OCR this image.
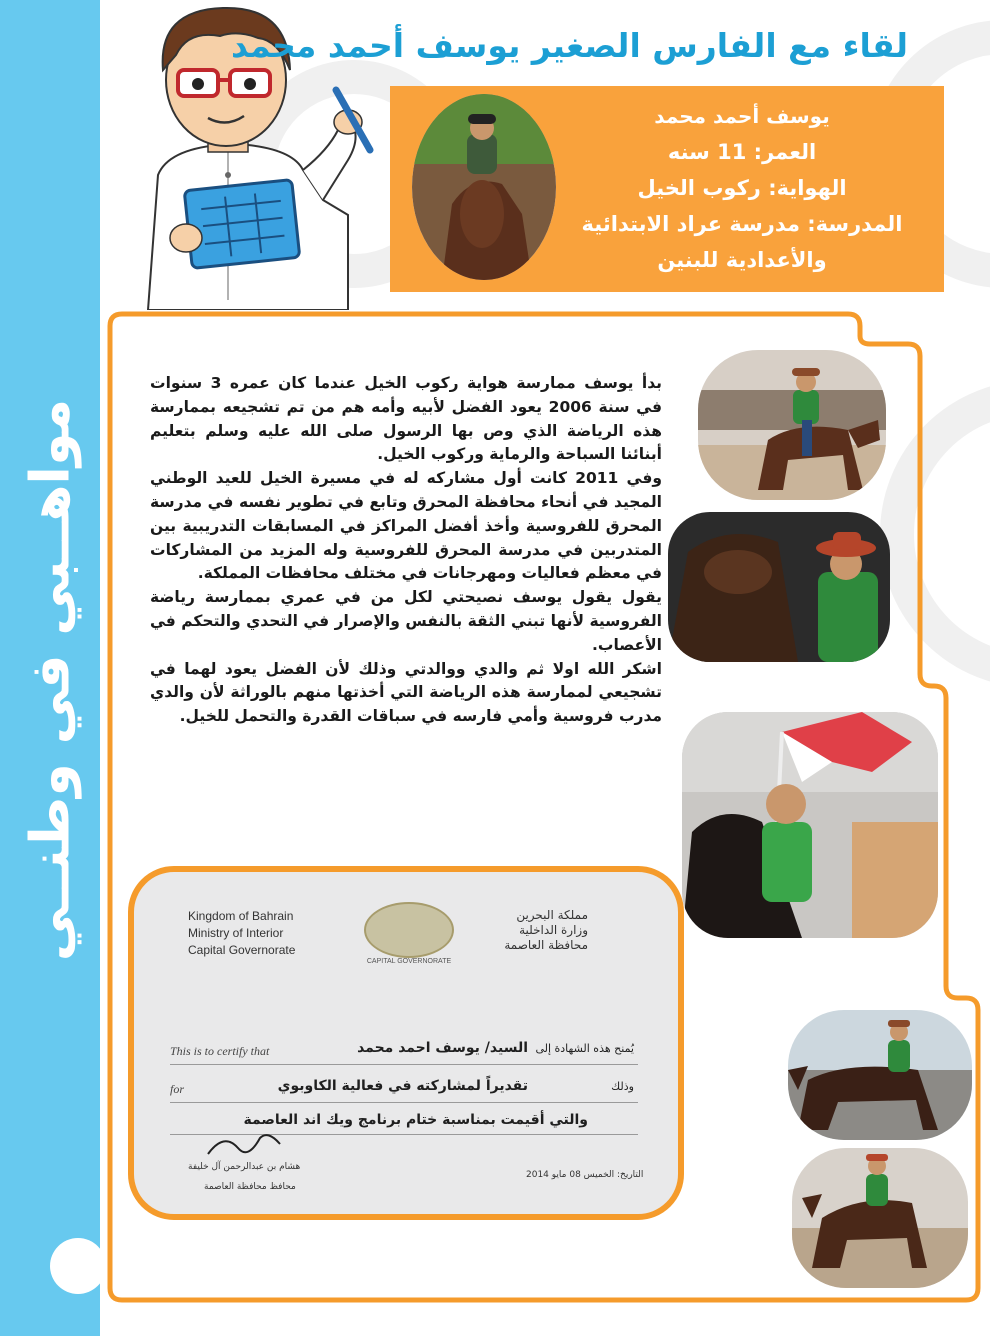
مواهــبي في وطنــي
لقاء مع الفارس الصغير يوسف أحمد محمد
يوسف أحمد محمد
العمر: 11 سنه
الهواية: ركوب الخيل
المدرسة: مدرسة عراد الابتدائية
والأعدادية للبنين

بدأ يوسف ممارسة هواية ركوب الخيل عندما كان عمره 3 سنوات في سنة 2006 يعود الفضل لأبيه وأمه هم من تم تشجيعه بممارسة هذه الرياضة الذي وص بها الرسول صلى الله عليه وسلم بتعليم أبنائنا السباحة والرماية وركوب الخيل.

وفي 2011 كانت أول مشاركه له في مسيرة الخيل للعيد الوطني المجيد في أنحاء محافظة المحرق وتابع في تطوير نفسه في مدرسة المحرق للفروسية وأخذ أفضل المراكز في المسابقات التدريبية بين المتدربين في مدرسة المحرق للفروسية وله المزيد من المشاركات في معظم فعاليات ومهرجانات في مختلف محافظات المملكة.

يقول يقول يوسف نصيحتي لكل من في عمري بممارسة رياضة الفروسية لأنها تبني الثقة بالنفس والإصرار في التحدي والتحكم في الأعصاب.

اشكر الله اولا ثم والدي ووالدتي وذلك لأن الفضل يعود لهما في تشجيعي لممارسة هذه الرياضة التي أخذتها منهم بالوراثة لأن والدي مدرب فروسية وأمي فارسه في سباقات القدرة والتحمل للخيل.

Kingdom of Bahrain
Ministry of Interior
Capital Governorate
CAPITAL GOVERNORATE
مملكة البحرين
وزارة الداخلية
محافظة العاصمة
This is to certify that	يُمنح هذه الشهادة إلى
السيد/ يوسف احمد محمد
for	وذلك
تقديراً لمشاركته في فعالية الكاوبوي
والتي أقيمت بمناسبة ختام برنامج ويك اند العاصمة
هشام بن عبدالرحمن آل خليفة
محافظ محافظة العاصمة
التاريخ: الخميس 08 مايو 2014
